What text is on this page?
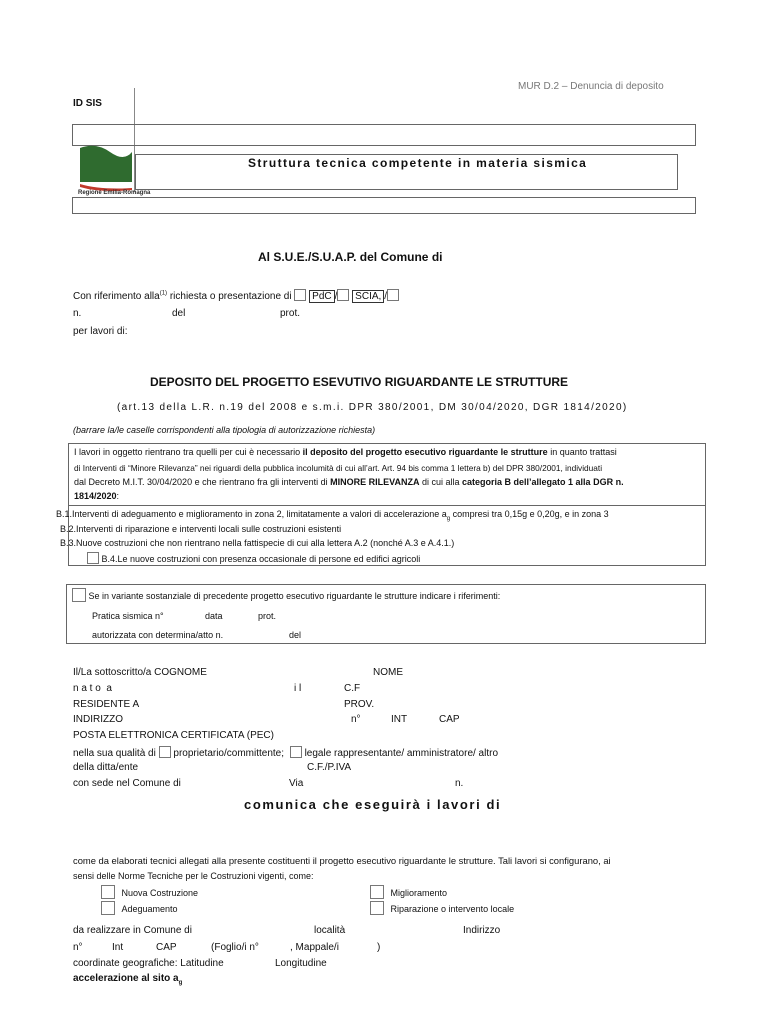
MUR D.2 – Denuncia di deposito
ID SIS
Regione Emilia-Romagna
Struttura tecnica competente in materia sismica
Al S.U.E./S.U.A.P. del Comune di
Con riferimento alla$^{(1)}$ richiesta o presentazione di PdC / SCIA, /
n.	del	prot.
per lavori di:
DEPOSITO DEL PROGETTO ESEVUTIVO RIGUARDANTE LE STRUTTURE
(art.13 della L.R. n.19 del 2008 e s.m.i. DPR 380/2001, DM 30/04/2020, DGR 1814/2020)
(barrare la/le caselle corrispondenti alla tipologia di autorizzazione richiesta)
I lavori in oggetto rientrano tra quelli per cui è necessario il deposito del progetto esecutivo riguardante le strutture in quanto trattasi
di Interventi di “Minore Rilevanza” nei riguardi della pubblica incolumità di cui all’art. Art. 94 bis comma 1 lettera b) del DPR 380/2001, individuati
dal Decreto M.I.T. 30/04/2020 e che rientrano fra gli interventi di MINORE RILEVANZA di cui alla categoria B dell’allegato 1 alla DGR n.
1814/2020:
B.1.Interventi di adeguamento e miglioramento in zona 2, limitatamente a valori di accelerazione $a_g$ compresi tra 0,15g e 0,20g, e in zona 3
B.2.Interventi di riparazione e interventi locali sulle costruzioni esistenti
B.3.Nuove costruzioni che non rientrano nella fattispecie di cui alla lettera A.2 (nonché A.3 e A.4.1.)
B.4.Le nuove costruzioni con presenza occasionale di persone ed edifici agricoli
Se in variante sostanziale di precedente progetto esecutivo riguardante le strutture indicare i riferimenti:
Pratica sismica n°	data	prot.
autorizzata con determina/atto n.	del
Il/La sottoscritto/a COGNOME	NOME
n a t o  a	i l	C.F
RESIDENTE A	PROV.
INDIRIZZO	n°	INT	CAP
POSTA ELETTRONICA CERTIFICATA (PEC)
nella sua qualità di proprietario/committente; legale rappresentante/ amministratore/ altro
della ditta/ente	C.F./P.IVA
con sede nel Comune di	Via	n.
comunica che eseguirà i lavori di
come da elaborati tecnici allegati alla presente costituenti il progetto esecutivo riguardante le strutture. Tali lavori si configurano, ai
sensi delle Norme Tecniche per le Costruzioni vigenti, come:
Nuova Costruzione
Adeguamento
Miglioramento
Riparazione o intervento locale
da realizzare in Comune di	località	Indirizzo
n°	Int	CAP	(Foglio/i n°	, Mappale/i	)
coordinate geografiche: Latitudine	Longitudine
accelerazione al sito $a_g$
